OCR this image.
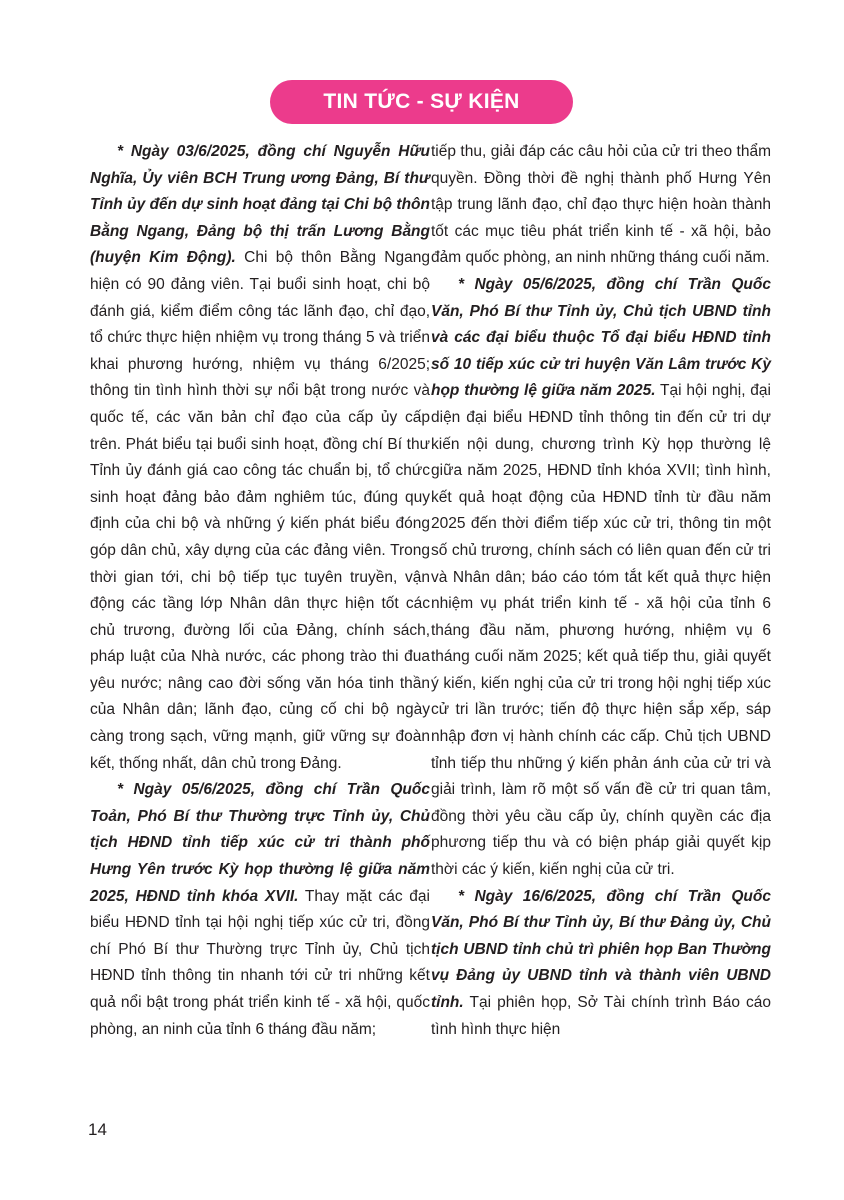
TIN TỨC - SỰ KIỆN

* Ngày 03/6/2025, đồng chí Nguyễn Hữu Nghĩa, Ủy viên BCH Trung ương Đảng, Bí thư Tỉnh ủy đến dự sinh hoạt đảng tại Chi bộ thôn Bằng Ngang, Đảng bộ thị trấn Lương Bằng (huyện Kim Động). Chi bộ thôn Bằng Ngang hiện có 90 đảng viên. Tại buổi sinh hoạt, chi bộ đánh giá, kiểm điểm công tác lãnh đạo, chỉ đạo, tổ chức thực hiện nhiệm vụ trong tháng 5 và triển khai phương hướng, nhiệm vụ tháng 6/2025; thông tin tình hình thời sự nổi bật trong nước và quốc tế, các văn bản chỉ đạo của cấp ủy cấp trên. Phát biểu tại buổi sinh hoạt, đồng chí Bí thư Tỉnh ủy đánh giá cao công tác chuẩn bị, tổ chức sinh hoạt đảng bảo đảm nghiêm túc, đúng quy định của chi bộ và những ý kiến phát biểu đóng góp dân chủ, xây dựng của các đảng viên. Trong thời gian tới, chi bộ tiếp tục tuyên truyền, vận động các tầng lớp Nhân dân thực hiện tốt các chủ trương, đường lối của Đảng, chính sách, pháp luật của Nhà nước, các phong trào thi đua yêu nước; nâng cao đời sống văn hóa tinh thần của Nhân dân; lãnh đạo, củng cố chi bộ ngày càng trong sạch, vững mạnh, giữ vững sự đoàn kết, thống nhất, dân chủ trong Đảng.

* Ngày 05/6/2025, đồng chí Trần Quốc Toản, Phó Bí thư Thường trực Tỉnh ủy, Chủ tịch HĐND tỉnh tiếp xúc cử tri thành phố Hưng Yên trước Kỳ họp thường lệ giữa năm 2025, HĐND tỉnh khóa XVII. Thay mặt các đại biểu HĐND tỉnh tại hội nghị tiếp xúc cử tri, đồng chí Phó Bí thư Thường trực Tỉnh ủy, Chủ tịch HĐND tỉnh thông tin nhanh tới cử tri những kết quả nổi bật trong phát triển kinh tế - xã hội, quốc phòng, an ninh của tỉnh 6 tháng đầu năm;

tiếp thu, giải đáp các câu hỏi của cử tri theo thẩm quyền. Đồng thời đề nghị thành phố Hưng Yên tập trung lãnh đạo, chỉ đạo thực hiện hoàn thành tốt các mục tiêu phát triển kinh tế - xã hội, bảo đảm quốc phòng, an ninh những tháng cuối năm.

* Ngày 05/6/2025, đồng chí Trần Quốc Văn, Phó Bí thư Tỉnh ủy, Chủ tịch UBND tỉnh và các đại biểu thuộc Tổ đại biểu HĐND tỉnh số 10 tiếp xúc cử tri huyện Văn Lâm trước Kỳ họp thường lệ giữa năm 2025. Tại hội nghị, đại diện đại biểu HĐND tỉnh thông tin đến cử tri dự kiến nội dung, chương trình Kỳ họp thường lệ giữa năm 2025, HĐND tỉnh khóa XVII; tình hình, kết quả hoạt động của HĐND tỉnh từ đầu năm 2025 đến thời điểm tiếp xúc cử tri, thông tin một số chủ trương, chính sách có liên quan đến cử tri và Nhân dân; báo cáo tóm tắt kết quả thực hiện nhiệm vụ phát triển kinh tế - xã hội của tỉnh 6 tháng đầu năm, phương hướng, nhiệm vụ 6 tháng cuối năm 2025; kết quả tiếp thu, giải quyết ý kiến, kiến nghị của cử tri trong hội nghị tiếp xúc cử tri lần trước; tiến độ thực hiện sắp xếp, sáp nhập đơn vị hành chính các cấp. Chủ tịch UBND tỉnh tiếp thu những ý kiến phản ánh của cử tri và giải trình, làm rõ một số vấn đề cử tri quan tâm, đồng thời yêu cầu cấp ủy, chính quyền các địa phương tiếp thu và có biện pháp giải quyết kịp thời các ý kiến, kiến nghị của cử tri.

* Ngày 16/6/2025, đồng chí Trần Quốc Văn, Phó Bí thư Tỉnh ủy, Bí thư Đảng ủy, Chủ tịch UBND tỉnh chủ trì phiên họp Ban Thường vụ Đảng ủy UBND tỉnh và thành viên UBND tỉnh. Tại phiên họp, Sở Tài chính trình Báo cáo tình hình thực hiện

14
